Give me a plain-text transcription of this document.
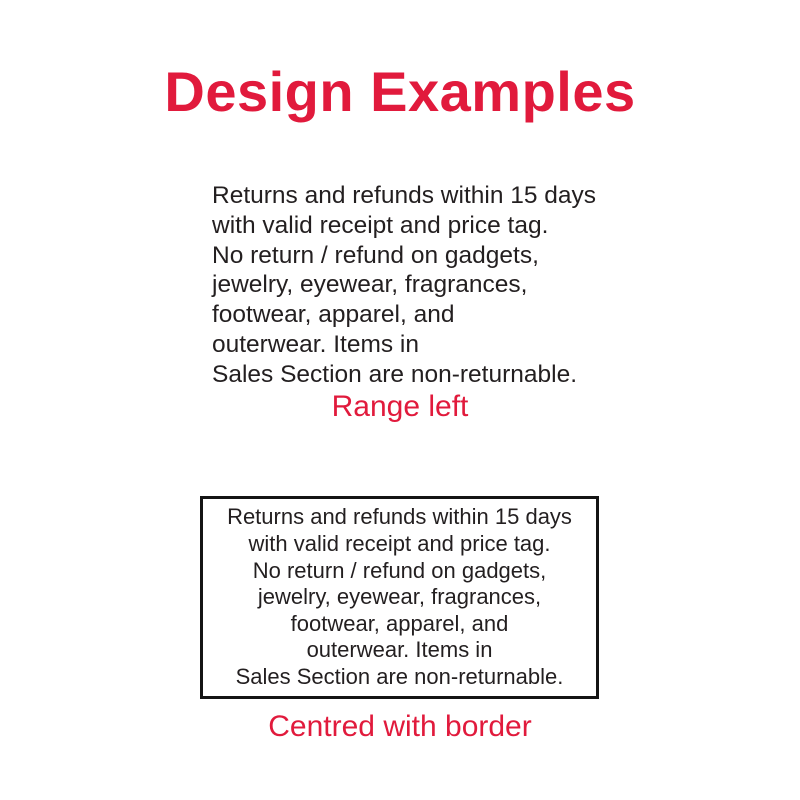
Design Examples
Returns and refunds within 15 days
with valid receipt and price tag.
No return / refund on gadgets,
jewelry, eyewear, fragrances,
footwear, apparel, and
outerwear. Items in
Sales Section are non-returnable.
Range left
Returns and refunds within 15 days
with valid receipt and price tag.
No return / refund on gadgets,
jewelry, eyewear, fragrances,
footwear, apparel, and
outerwear. Items in
Sales Section are non-returnable.
Centred with border
